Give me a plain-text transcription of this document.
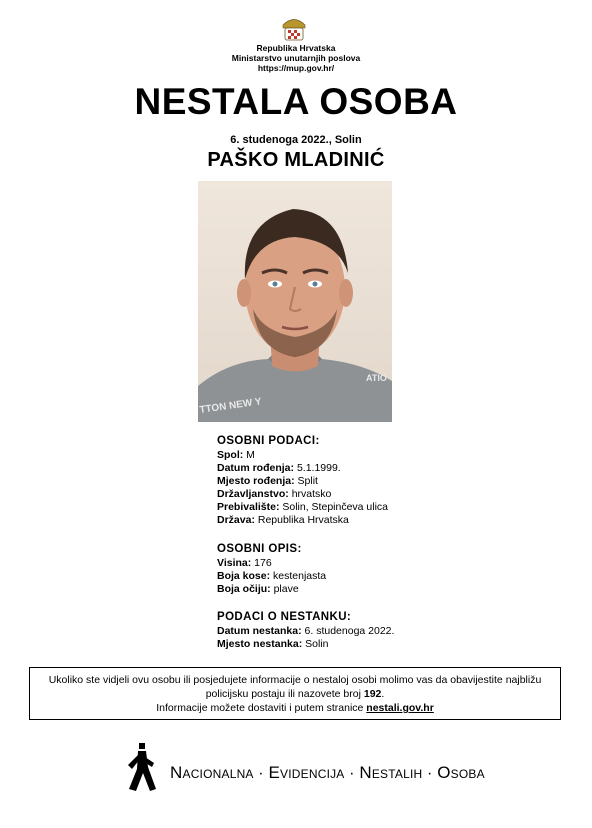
Republika Hrvatska
Ministarstvo unutarnjih poslova
https://mup.gov.hr/
NESTALA OSOBA
6. studenoga 2022., Solin
PAŠKO MLADINIĆ
TTON NEW Y
ATIO
OSOBNI PODACI:
Spol: M
Datum rođenja: 5.1.1999.
Mjesto rođenja: Split
Državljanstvo: hrvatsko
Prebivalište: Solin, Stepinčeva ulica
Država: Republika Hrvatska
OSOBNI OPIS:
Visina: 176
Boja kose: kestenjasta
Boja očiju: plave
PODACI O NESTANKU:
Datum nestanka: 6. studenoga 2022.
Mjesto nestanka: Solin
Ukoliko ste vidjeli ovu osobu ili posjedujete informacije o nestaloj osobi molimo vas da obavijestite najbližu
policijsku postaju ili nazovete broj 192.
Informacije možete dostaviti i putem stranice nestali.gov.hr
NACIONALNA · EVIDENCIJA · NESTALIH · OSOBA
